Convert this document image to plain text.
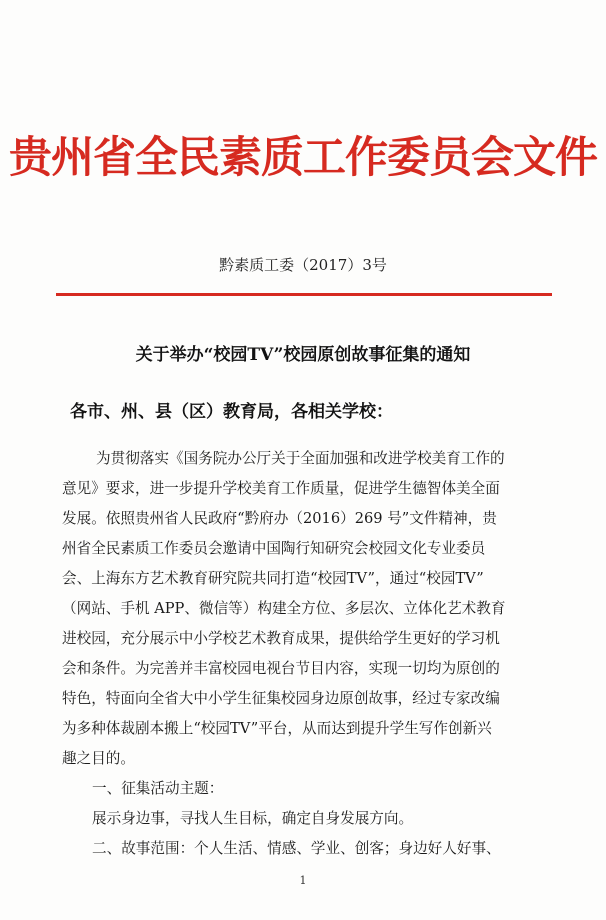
贵州省全民素质工作委员会文件
黔素质工委（2017）3号
关于举办“校园TV”校园原创故事征集的通知
各市、州、县（区）教育局，各相关学校：
为贯彻落实《国务院办公厅关于全面加强和改进学校美育工作的
意见》要求，进一步提升学校美育工作质量，促进学生德智体美全面
发展。依照贵州省人民政府“黔府办（2016）269 号”文件精神，贵
州省全民素质工作委员会邀请中国陶行知研究会校园文化专业委员
会、上海东方艺术教育研究院共同打造“校园TV”，通过“校园TV”
（网站、手机 APP、微信等）构建全方位、多层次、立体化艺术教育
进校园，充分展示中小学校艺术教育成果，提供给学生更好的学习机
会和条件。为完善并丰富校园电视台节目内容，实现一切均为原创的
特色，特面向全省大中小学生征集校园身边原创故事，经过专家改编
为多种体裁剧本搬上“校园TV”平台，从而达到提升学生写作创新兴
趣之目的。
一、征集活动主题：
展示身边事，寻找人生目标，确定自身发展方向。
二、故事范围：个人生活、情感、学业、创客；身边好人好事、
1
